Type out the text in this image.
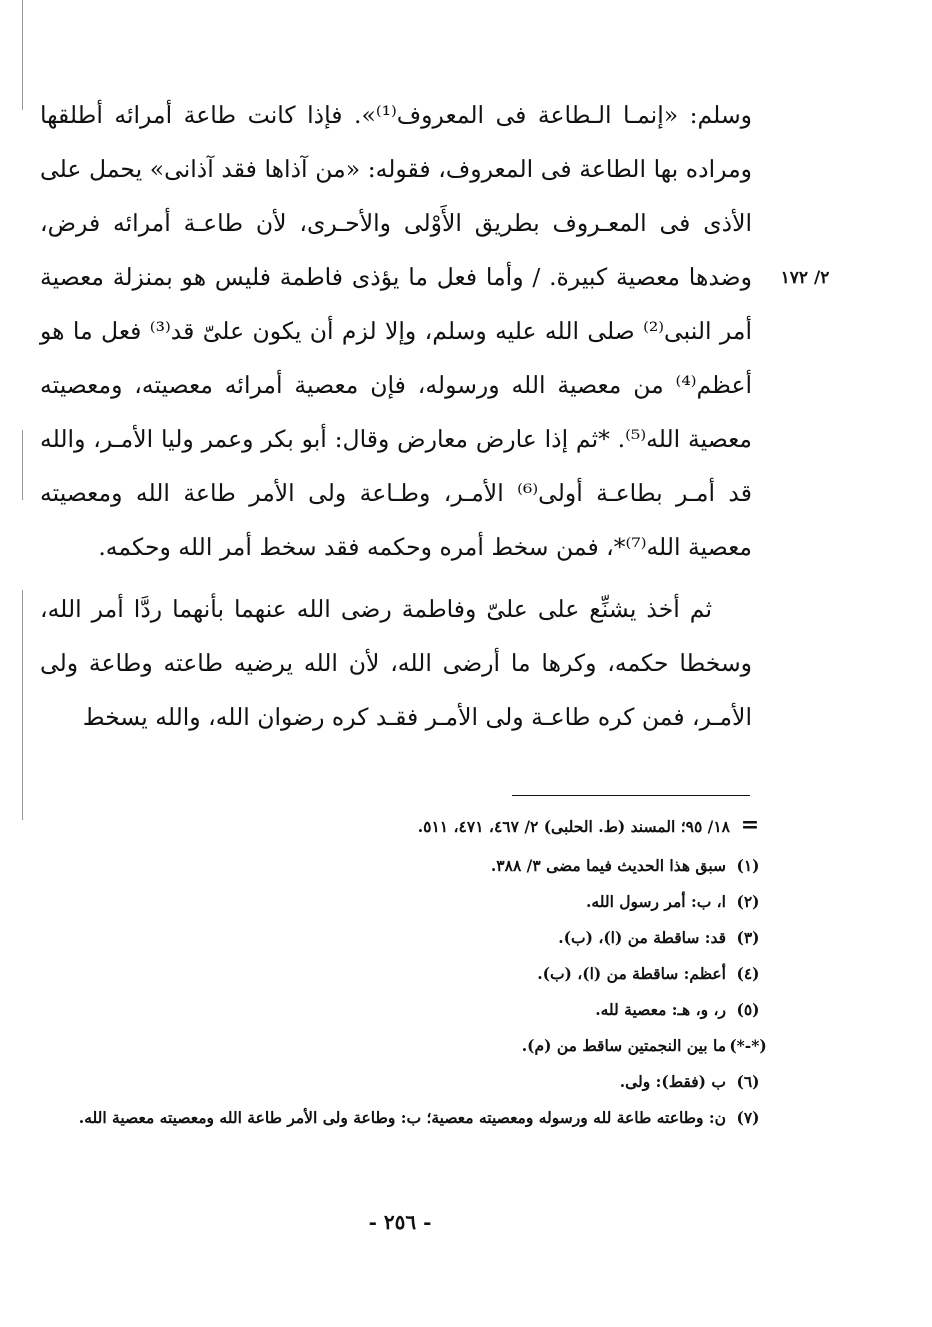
۲/ ۱۷۲

وسلم: «إنمـا الـطاعة فى المعروف⁽¹⁾». فإذا كانت طاعة أمرائه أطلقها ومراده بها الطاعة فى المعروف، فقوله: «من آذاها فقد آذانى» يحمل على الأذى فى المعـروف بطريق الأَوْلى والأحـرى، لأن طاعـة أمرائه فرض، وضدها معصية كبيرة. / وأما فعل ما يؤذى فاطمة فليس هو بمنزلة معصية أمر النبى⁽²⁾ صلى الله عليه وسلم، وإلا لزم أن يكون علىّ قد⁽³⁾ فعل ما هو أعظم⁽⁴⁾ من معصية الله ورسوله، فإن معصية أمرائه معصيته، ومعصيته معصية الله⁽⁵⁾. *ثم إذا عارض معارض وقال: أبو بكر وعمر وليا الأمـر، والله قد أمـر بطاعـة أولى⁽⁶⁾ الأمـر، وطـاعة ولى الأمر طاعة الله ومعصيته معصية الله⁽⁷⁾*، فمن سخط أمره وحكمه فقد سخط أمر الله وحكمه.

ثم أخذ يشنِّع على علىّ وفاطمة رضى الله عنهما بأنهما ردَّا أمر الله، وسخطا حكمه، وكرها ما أرضى الله، لأن الله يرضيه طاعته وطاعة ولى الأمـر، فمن كره طاعـة ولى الأمـر فقـد كره رضوان الله، والله يسخط

=
١٨/ ٩٥؛ المسند (ط. الحلبى) ٢/ ٤٦٧، ٤٧١، ٥١١.
(١)
سبق هذا الحديث فيما مضى ٣/ ٣٨٨.
(٢)
ا، ب: أمر رسول الله.
(٣)
قد: ساقطة من (ا)، (ب).
(٤)
أعظم: ساقطة من (ا)، (ب).
(٥)
ر، و، هـ: معصية لله.
(*-*)
ما بين النجمتين ساقط من (م).
(٦)
ب (فقط): ولى.
(٧)
ن: وطاعته طاعة لله ورسوله ومعصيته معصية؛ ب: وطاعة ولى الأمر طاعة الله ومعصيته معصية الله.
- ٢٥٦ -
